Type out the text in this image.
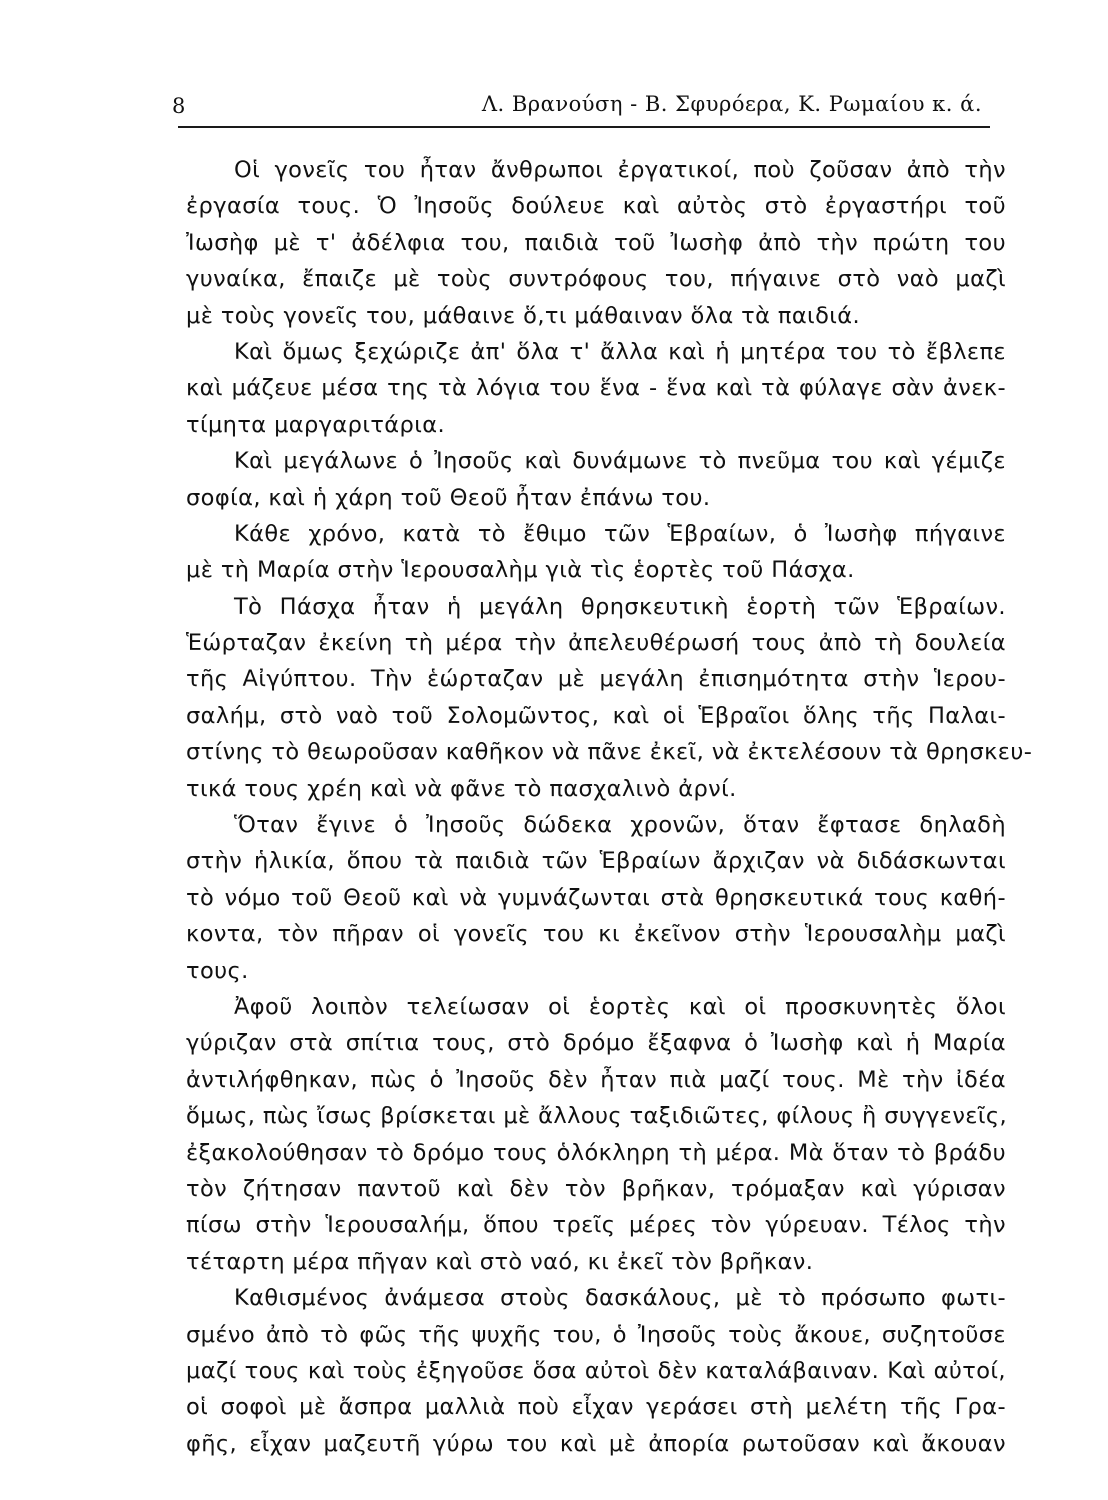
8	Λ. Βρανούση - Β. Σφυρόερα, Κ. Ρωμαίου κ. ά.
Οἱ γονεῖς του ἦταν ἄνθρωποι ἐργατικοί, ποὺ ζοῦσαν ἀπὸ τὴν
ἐργασία τους. Ὁ Ἰησοῦς δούλευε καὶ αὐτὸς στὸ ἐργαστήρι τοῦ
Ἰωσὴφ μὲ τ' ἀδέλφια του, παιδιὰ τοῦ Ἰωσὴφ ἀπὸ τὴν πρώτη του
γυναίκα, ἔπαιζε μὲ τοὺς συντρόφους του, πήγαινε στὸ ναὸ μαζὶ
μὲ τοὺς γονεῖς του, μάθαινε ὅ,τι μάθαιναν ὅλα τὰ παιδιά.
Καὶ ὅμως ξεχώριζε ἀπ' ὅλα τ' ἄλλα καὶ ἡ μητέρα του τὸ ἔβλεπε
καὶ μάζευε μέσα της τὰ λόγια του ἕνα - ἕνα καὶ τὰ φύλαγε σὰν ἀνεκ-
τίμητα μαργαριτάρια.
Καὶ μεγάλωνε ὁ Ἰησοῦς καὶ δυνάμωνε τὸ πνεῦμα του καὶ γέμιζε
σοφία, καὶ ἡ χάρη τοῦ Θεοῦ ἦταν ἐπάνω του.
Κάθε χρόνο, κατὰ τὸ ἔθιμο τῶν Ἑβραίων, ὁ Ἰωσὴφ πήγαινε
μὲ τὴ Μαρία στὴν Ἱερουσαλὴμ γιὰ τὶς ἑορτὲς τοῦ Πάσχα.
Τὸ Πάσχα ἦταν ἡ μεγάλη θρησκευτικὴ ἑορτὴ τῶν Ἑβραίων.
Ἑώρταζαν ἐκείνη τὴ μέρα τὴν ἀπελευθέρωσή τους ἀπὸ τὴ δουλεία
τῆς Αἰγύπτου. Τὴν ἑώρταζαν μὲ μεγάλη ἐπισημότητα στὴν Ἱερου-
σαλήμ, στὸ ναὸ τοῦ Σολομῶντος, καὶ οἱ Ἑβραῖοι ὅλης τῆς Παλαι-
στίνης τὸ θεωροῦσαν καθῆκον νὰ πᾶνε ἐκεῖ, νὰ ἐκτελέσουν τὰ θρησκευ-
τικά τους χρέη καὶ νὰ φᾶνε τὸ πασχαλινὸ ἀρνί.
Ὅταν ἔγινε ὁ Ἰησοῦς δώδεκα χρονῶν, ὅταν ἔφτασε δηλαδὴ
στὴν ἡλικία, ὅπου τὰ παιδιὰ τῶν Ἑβραίων ἄρχιζαν νὰ διδάσκωνται
τὸ νόμο τοῦ Θεοῦ καὶ νὰ γυμνάζωνται στὰ θρησκευτικά τους καθή-
κοντα, τὸν πῆραν οἱ γονεῖς του κι ἐκεῖνον στὴν Ἱερουσαλὴμ μαζὶ
τους.
Ἀφοῦ λοιπὸν τελείωσαν οἱ ἑορτὲς καὶ οἱ προσκυνητὲς ὅλοι
γύριζαν στὰ σπίτια τους, στὸ δρόμο ἔξαφνα ὁ Ἰωσὴφ καὶ ἡ Μαρία
ἀντιλήφθηκαν, πὼς ὁ Ἰησοῦς δὲν ἦταν πιὰ μαζί τους. Μὲ τὴν ἰδέα
ὅμως, πὼς ἴσως βρίσκεται μὲ ἄλλους ταξιδιῶτες, φίλους ἢ συγγενεῖς,
ἐξακολούθησαν τὸ δρόμο τους ὁλόκληρη τὴ μέρα. Μὰ ὅταν τὸ βράδυ
τὸν ζήτησαν παντοῦ καὶ δὲν τὸν βρῆκαν, τρόμαξαν καὶ γύρισαν
πίσω στὴν Ἱερουσαλήμ, ὅπου τρεῖς μέρες τὸν γύρευαν. Τέλος τὴν
τέταρτη μέρα πῆγαν καὶ στὸ ναό, κι ἐκεῖ τὸν βρῆκαν.
Καθισμένος ἀνάμεσα στοὺς δασκάλους, μὲ τὸ πρόσωπο φωτι-
σμένο ἀπὸ τὸ φῶς τῆς ψυχῆς του, ὁ Ἰησοῦς τοὺς ἄκουε, συζητοῦσε
μαζί τους καὶ τοὺς ἐξηγοῦσε ὅσα αὐτοὶ δὲν καταλάβαιναν. Καὶ αὐτοί,
οἱ σοφοὶ μὲ ἄσπρα μαλλιὰ ποὺ εἶχαν γεράσει στὴ μελέτη τῆς Γρα-
φῆς, εἶχαν μαζευτῆ γύρω του καὶ μὲ ἀπορία ρωτοῦσαν καὶ ἄκουαν
